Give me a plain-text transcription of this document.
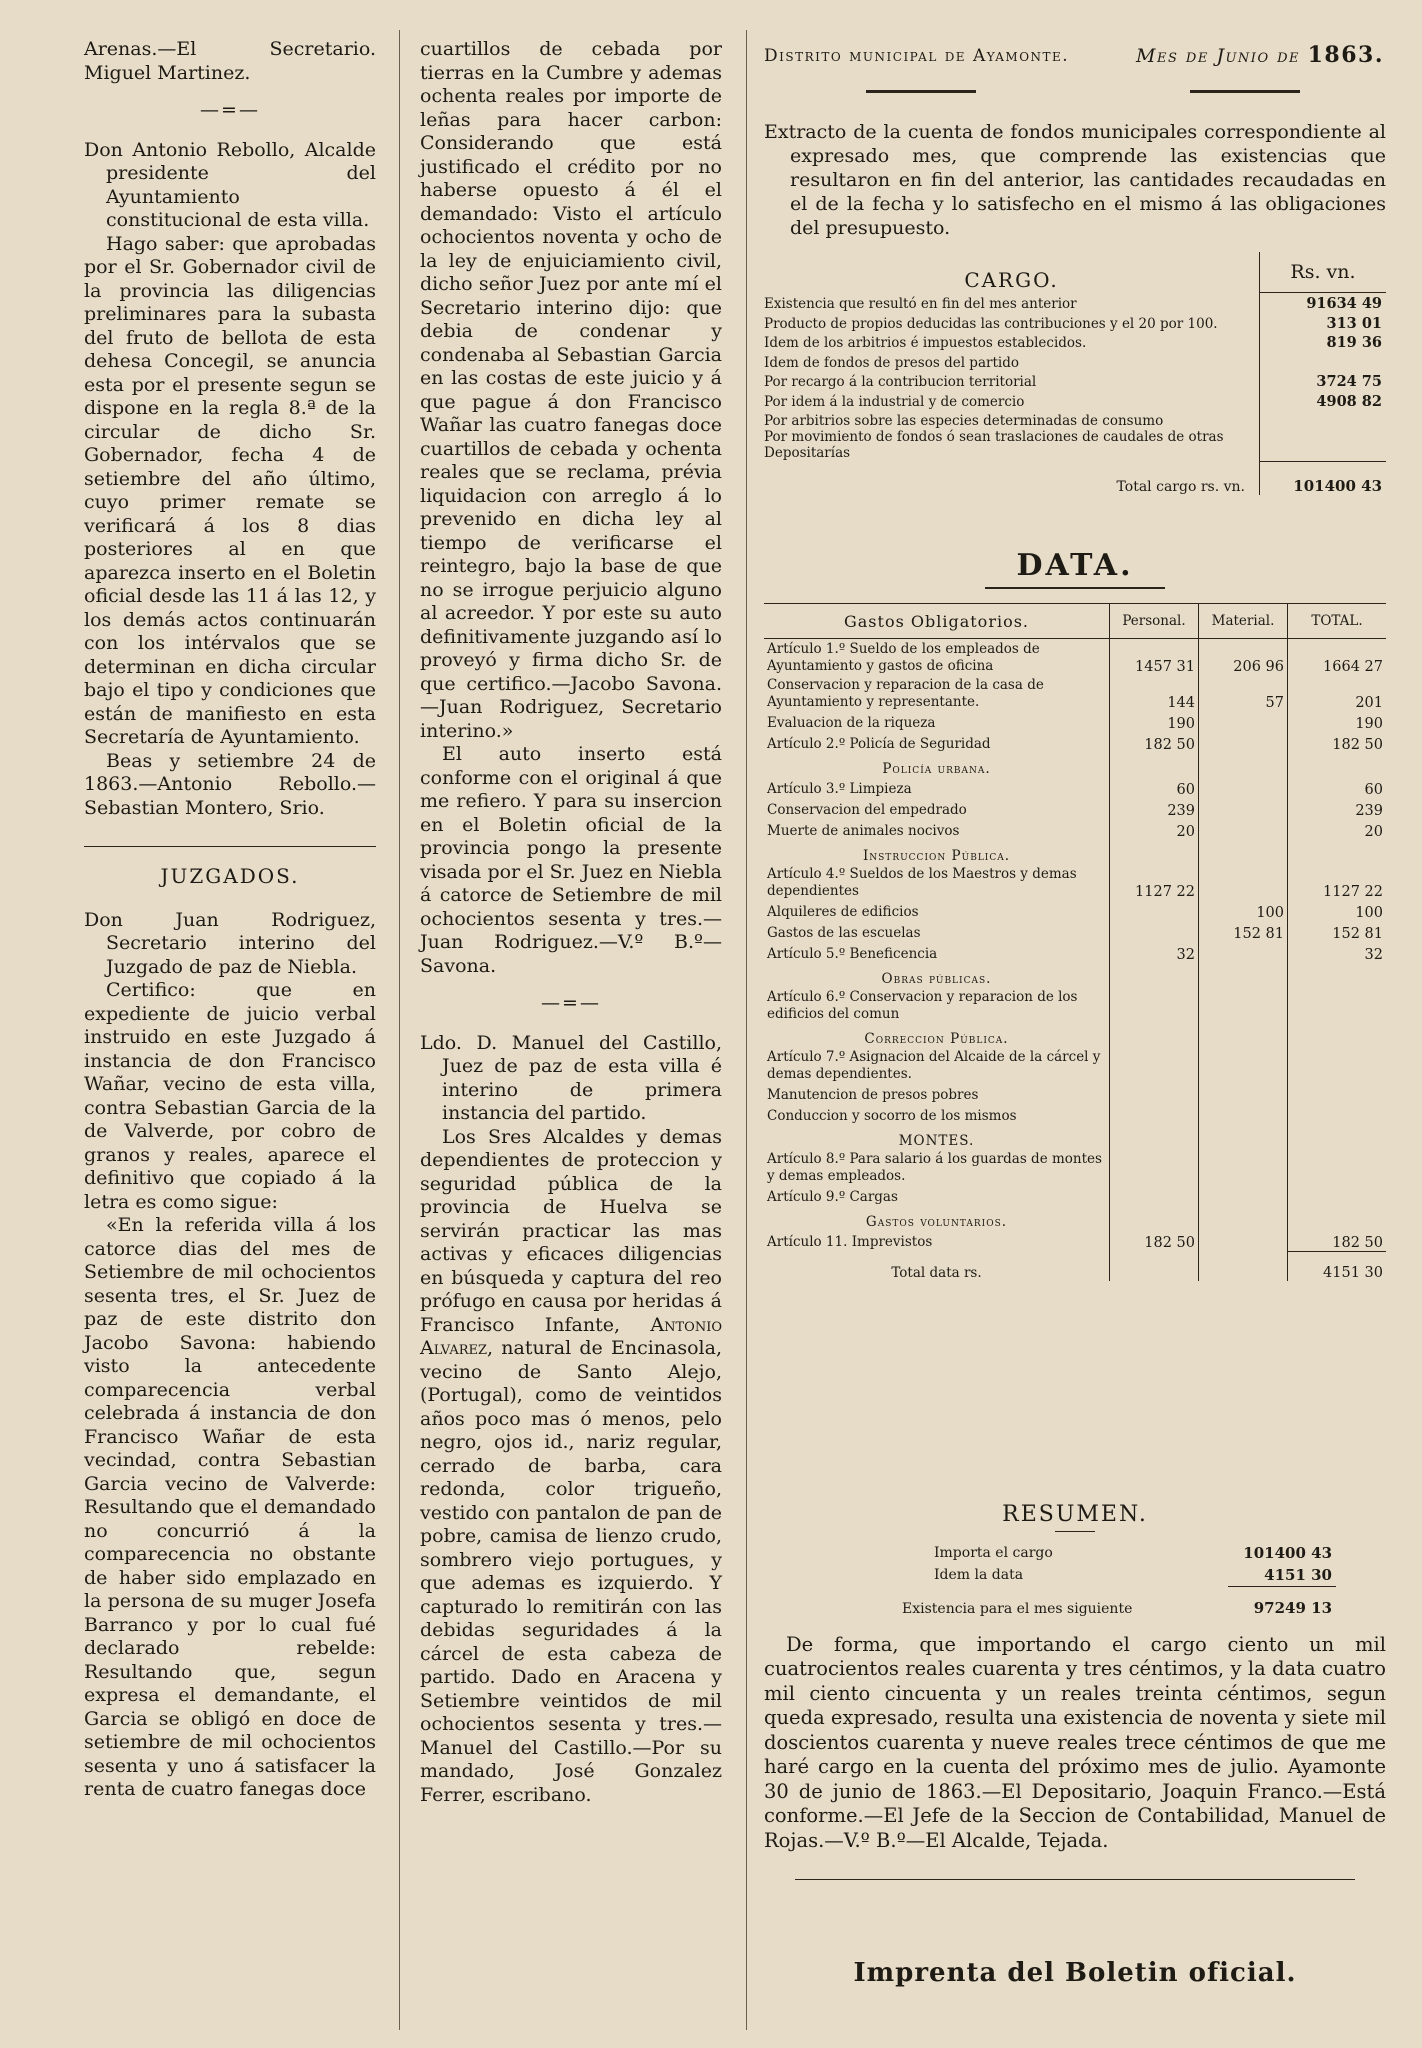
Arenas.—El Secretario. Miguel Martinez.

—=—

Don Antonio Rebollo, Alcalde presidente del Ayuntamiento constitucional de esta villa.

Hago saber: que aprobadas por el Sr. Gobernador civil de la provincia las diligencias preliminares para la subasta del fruto de bellota de esta dehesa Concegil, se anuncia esta por el presente segun se dispone en la regla 8.ª de la circular de dicho Sr. Gobernador, fecha 4 de setiembre del año último, cuyo primer remate se verificará á los 8 dias posteriores al en que aparezca inserto en el Boletin oficial desde las 11 á las 12, y los demás actos continuarán con los intérvalos que se determinan en dicha circular bajo el tipo y condiciones que están de manifiesto en esta Secretaría de Ayuntamiento.

Beas y setiembre 24 de 1863.—Antonio Rebollo.—Sebastian Montero, Srio.

JUZGADOS.

Don Juan Rodriguez, Secretario interino del Juzgado de paz de Niebla.

Certifico: que en expediente de juicio verbal instruido en este Juzgado á instancia de don Francisco Wañar, vecino de esta villa, contra Sebastian Garcia de la de Valverde, por cobro de granos y reales, aparece el definitivo que copiado á la letra es como sigue:

«En la referida villa á los catorce dias del mes de Setiembre de mil ochocientos sesenta tres, el Sr. Juez de paz de este distrito don Jacobo Savona: habiendo visto la antecedente comparecencia verbal celebrada á instancia de don Francisco Wañar de esta vecindad, contra Sebastian Garcia vecino de Valverde: Resultando que el demandado no concurrió á la comparecencia no obstante de haber sido emplazado en la persona de su muger Josefa Barranco y por lo cual fué declarado rebelde: Resultando que, segun expresa el demandante, el Garcia se obligó en doce de setiembre de mil ochocientos sesenta y uno á satisfacer la renta de cuatro fanegas doce

cuartillos de cebada por tierras en la Cumbre y ademas ochenta reales por importe de leñas para hacer carbon: Considerando que está justificado el crédito por no haberse opuesto á él el demandado: Visto el artículo ochocientos noventa y ocho de la ley de enjuiciamiento civil, dicho señor Juez por ante mí el Secretario interino dijo: que debia de condenar y condenaba al Sebastian Garcia en las costas de este juicio y á que pague á don Francisco Wañar las cuatro fanegas doce cuartillos de cebada y ochenta reales que se reclama, prévia liquidacion con arreglo á lo prevenido en dicha ley al tiempo de verificarse el reintegro, bajo la base de que no se irrogue perjuicio alguno al acreedor. Y por este su auto definitivamente juzgando así lo proveyó y firma dicho Sr. de que certifico.—Jacobo Savona.—Juan Rodriguez, Secretario interino.»

El auto inserto está conforme con el original á que me refiero. Y para su insercion en el Boletin oficial de la provincia pongo la presente visada por el Sr. Juez en Niebla á catorce de Setiembre de mil ochocientos sesenta y tres.—Juan Rodriguez.—V.º B.º—Savona.

—=—

Ldo. D. Manuel del Castillo, Juez de paz de esta villa é interino de primera instancia del partido.

Los Sres Alcaldes y demas dependientes de proteccion y seguridad pública de la provincia de Huelva se servirán practicar las mas activas y eficaces diligencias en búsqueda y captura del reo prófugo en causa por heridas á Francisco Infante, Antonio Alvarez, natural de Encinasola, vecino de Santo Alejo, (Portugal), como de veintidos años poco mas ó menos, pelo negro, ojos id., nariz regular, cerrado de barba, cara redonda, color trigueño, vestido con pantalon de pan de pobre, camisa de lienzo crudo, sombrero viejo portugues, y que ademas es izquierdo. Y capturado lo remitirán con las debidas seguridades á la cárcel de esta cabeza de partido. Dado en Aracena y Setiembre veintidos de mil ochocientos sesenta y tres.—Manuel del Castillo.—Por su mandado, José Gonzalez Ferrer, escribano.

Distrito municipal de Ayamonte.	Mes de Junio de 1863.
Extracto de la cuenta de fondos municipales correspondiente al expresado mes, que comprende las existencias que resultaron en fin del anterior, las cantidades recaudadas en el de la fecha y lo satisfecho en el mismo á las obligaciones del presupuesto.
CARGO.	Rs. vn.
Existencia que resultó en fin del mes anterior	91634 49
Producto de propios deducidas las contribuciones y el 20 por 100.	313 01
Idem de los arbitrios é impuestos establecidos.	819 36
Idem de fondos de presos del partido	
Por recargo á la contribucion territorial	3724 75
Por idem á la industrial y de comercio	4908 82
Por arbitrios sobre las especies determinadas de consumo	
Por movimiento de fondos ó sean traslaciones de caudales de otras Depositarías	
Total cargo rs. vn.	101400 43
DATA.
Gastos Obligatorios.	Personal.	Material.	TOTAL.
Artículo 1.º Sueldo de los empleados de Ayuntamiento y gastos de oficina	1457 31	206 96	1664 27
Conservacion y reparacion de la casa de Ayuntamiento y representante.	144	57	201
Evaluacion de la riqueza	190		190
Artículo 2.º Policía de Seguridad	182 50		182 50
Policía urbana.			
Artículo 3.º Limpieza	60		60
Conservacion del empedrado	239		239
Muerte de animales nocivos	20		20
Instruccion Pública.			
Artículo 4.º Sueldos de los Maestros y demas dependientes	1127 22		1127 22
Alquileres de edificios		100	100
Gastos de las escuelas		152 81	152 81
Artículo 5.º Beneficencia	32		32
Obras públicas.			
Artículo 6.º Conservacion y reparacion de los edificios del comun			
Correccion Pública.			
Artículo 7.º Asignacion del Alcaide de la cárcel y demas dependientes.			
Manutencion de presos pobres			
Conduccion y socorro de los mismos			
MONTES.			
Artículo 8.º Para salario á los guardas de montes y demas empleados.			
Artículo 9.º Cargas			
Gastos voluntarios.			
Artículo 11. Imprevistos	182 50		182 50
Total data rs.			4151 30
RESUMEN.
Importa el cargo	101400 43
Idem la data	4151 30
Existencia para el mes siguiente	97249 13
De forma, que importando el cargo ciento un mil cuatrocientos reales cuarenta y tres céntimos, y la data cuatro mil ciento cincuenta y un reales treinta céntimos, segun queda expresado, resulta una existencia de noventa y siete mil doscientos cuarenta y nueve reales trece céntimos de que me haré cargo en la cuenta del próximo mes de julio. Ayamonte 30 de junio de 1863.—El Depositario, Joaquin Franco.—Está conforme.—El Jefe de la Seccion de Contabilidad, Manuel de Rojas.—V.º B.º—El Alcalde, Tejada.
Imprenta del Boletin oficial.
